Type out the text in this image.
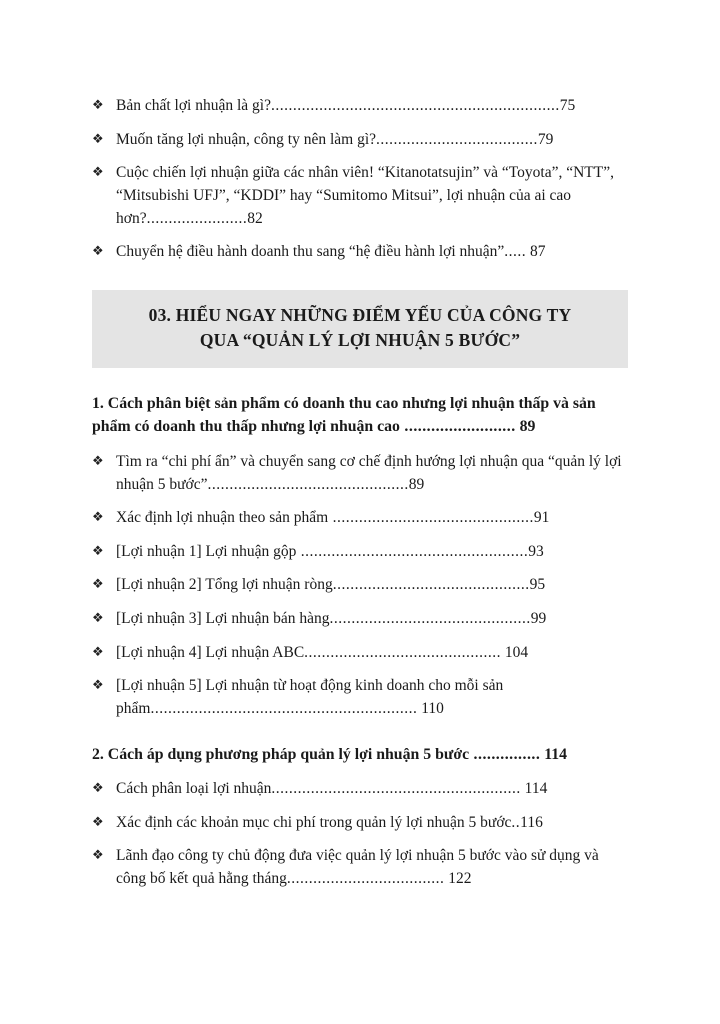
❖ Bản chất lợi nhuận là gì?..................................................................75
❖ Muốn tăng lợi nhuận, công ty nên làm gì?.....................................79
❖ Cuộc chiến lợi nhuận giữa các nhân viên! “Kitanotatsujin” và “Toyota”, “NTT”, “Mitsubishi UFJ”, “KDDI” hay “Sumitomo Mitsui”, lợi nhuận của ai cao hơn?.......................82
❖ Chuyển hệ điều hành doanh thu sang “hệ điều hành lợi nhuận”..... 87
03. HIỂU NGAY NHỮNG ĐIỂM YẾU CỦA CÔNG TY
QUA “QUẢN LÝ LỢI NHUẬN 5 BƯỚC”
1. Cách phân biệt sản phẩm có doanh thu cao nhưng lợi nhuận thấp và sản phẩm có doanh thu thấp nhưng lợi nhuận cao ......................... 89
❖ Tìm ra “chi phí ẩn” và chuyển sang cơ chế định hướng lợi nhuận qua “quản lý lợi nhuận 5 bước”..............................................89
❖ Xác định lợi nhuận theo sản phẩm ..............................................91
❖ [Lợi nhuận 1] Lợi nhuận gộp ....................................................93
❖ [Lợi nhuận 2] Tổng lợi nhuận ròng.............................................95
❖ [Lợi nhuận 3] Lợi nhuận bán hàng..............................................99
❖ [Lợi nhuận 4] Lợi nhuận ABC............................................. 104
❖ [Lợi nhuận 5] Lợi nhuận từ hoạt động kinh doanh cho mỗi sản phẩm............................................................. 110
2. Cách áp dụng phương pháp quản lý lợi nhuận 5 bước ............... 114
❖ Cách phân loại lợi nhuận......................................................... 114
❖ Xác định các khoản mục chi phí trong quản lý lợi nhuận 5 bước..116
❖ Lãnh đạo công ty chủ động đưa việc quản lý lợi nhuận 5 bước vào sử dụng và công bố kết quả hằng tháng.................................... 122
